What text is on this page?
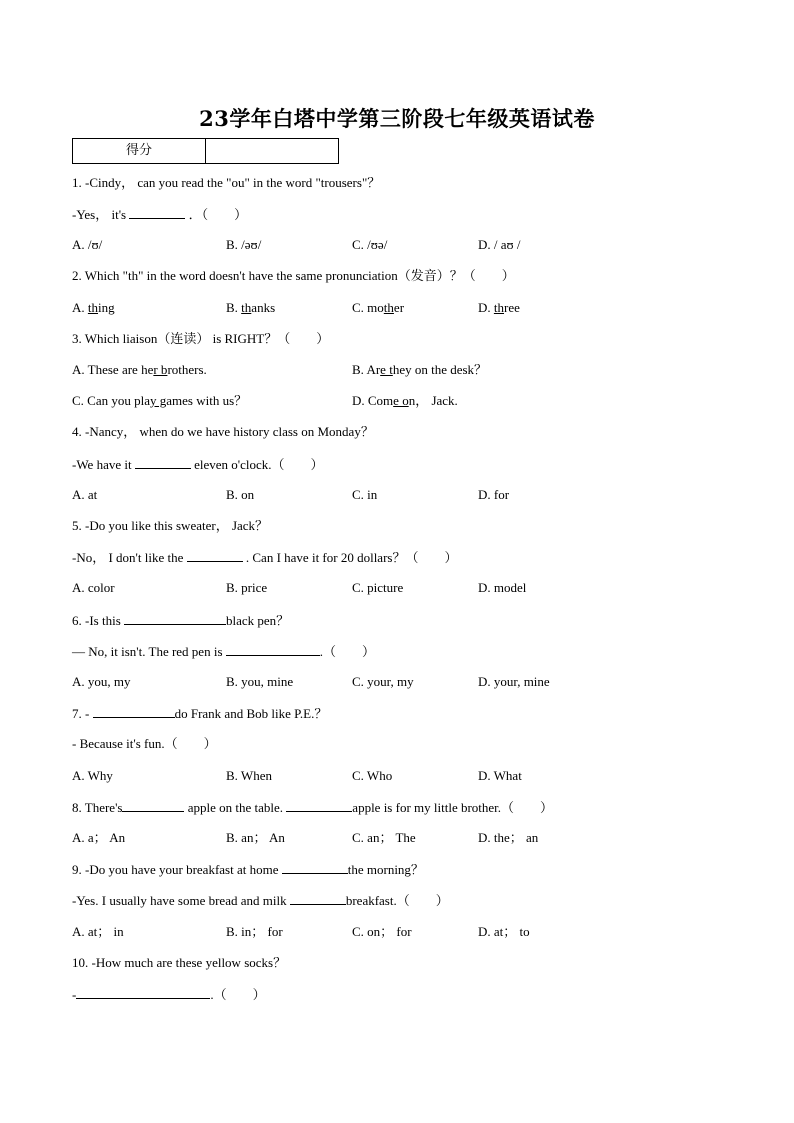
23学年白塔中学第三阶段七年级英语试卷
得分	
1. -Cindy， can you read the "ou" in the word "trousers"？
-Yes， it's	．（　　）
A. /ʊ/	B. /əʊ/	C. /ʊə/	D. / aʊ /
2. Which "th" in the word doesn't have the same pronunciation（发音）？（　　）
A. thing	B. thanks	C. mother	D. three
3. Which liaison（连读） is RIGHT？（　　）
A. These are her brothers.	B. Are they on the desk？
C. Can you play games with us？	D. Come on， Jack.
4. -Nancy， when do we have history class on Monday？
-We have it	eleven o'clock.（　　）
A. at	B. on	C. in	D. for
5. -Do you like this sweater， Jack？
-No， I don't like the	. Can I have it for 20 dollars？（　　）
A. color	B. price	C. picture	D. model
6. -Is this	black pen？
— No, it isn't. The red pen is	.（　　）
A. you, my	B. you, mine	C. your, my	D. your, mine
7. -	do Frank and Bob like P.E.？
- Because it's fun.（　　）
A. Why	B. When	C. Who	D. What
8. There's	apple on the table.	apple is for my little brother.（　　）
A. a； An	B. an； An	C. an； The	D. the； an
9. -Do you have your breakfast at home	the morning？
-Yes. I usually have some bread and milk	breakfast.（　　）
A. at； in	B. in； for	C. on； for	D. at； to
10. -How much are these yellow socks？
-	.（　　）
